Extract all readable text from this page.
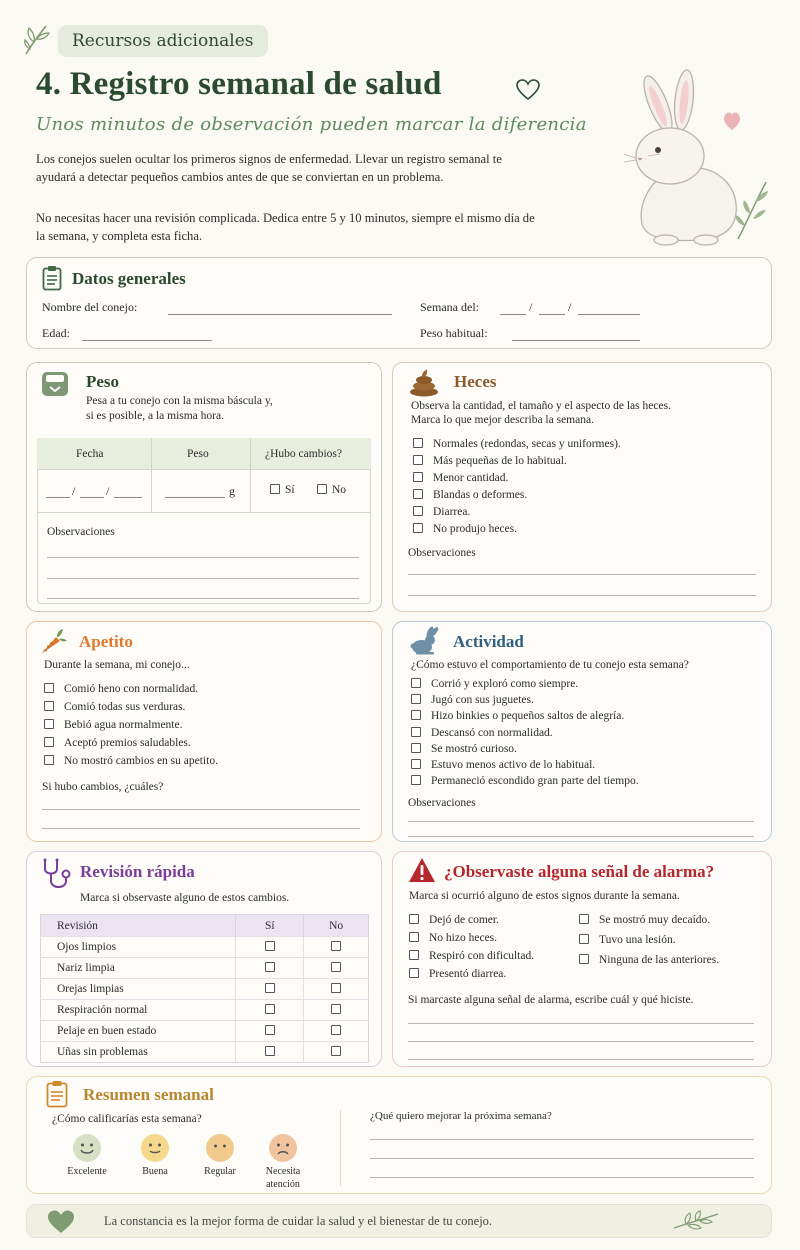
Recursos adicionales
4. Registro semanal de salud
Unos minutos de observación pueden marcar la diferencia
Los conejos suelen ocultar los primeros signos de enfermedad. Llevar un registro semanal te ayudará a detectar pequeños cambios antes de que se conviertan en un problema.
No necesitas hacer una revisión complicada. Dedica entre 5 y 10 minutos, siempre el mismo día de la semana, y completa esta ficha.
Datos generales
Nombre del conejo:	Semana del:	/	/
Edad:	Peso habitual:
Peso
Pesa a tu conejo con la misma báscula y,
si es posible, a la misma hora.
Fecha	Peso	¿Hubo cambios?
/	/	g	Sí	No
Observaciones
Heces
Observa la cantidad, el tamaño y el aspecto de las heces.
Marca lo que mejor describa la semana.
Normales (redondas, secas y uniformes).
Más pequeñas de lo habitual.
Menor cantidad.
Blandas o deformes.
Diarrea.
No produjo heces.
Observaciones
Apetito
Durante la semana, mi conejo...
Comió heno con normalidad.
Comió todas sus verduras.
Bebió agua normalmente.
Aceptó premios saludables.
No mostró cambios en su apetito.
Si hubo cambios, ¿cuáles?
Actividad
¿Cómo estuvo el comportamiento de tu conejo esta semana?
Corrió y exploró como siempre.
Jugó con sus juguetes.
Hizo binkies o pequeños saltos de alegría.
Descansó con normalidad.
Se mostró curioso.
Estuvo menos activo de lo habitual.
Permaneció escondido gran parte del tiempo.
Observaciones
Revisión rápida
Marca si observaste alguno de estos cambios.
Revisión	Sí	No
Ojos limpios		
Nariz limpia		
Orejas limpias		
Respiración normal		
Pelaje en buen estado		
Uñas sin problemas		
¿Observaste alguna señal de alarma?
Marca si ocurrió alguno de estos signos durante la semana.
Dejó de comer.
No hizo heces.
Respiró con dificultad.
Presentó diarrea.
Se mostró muy decaído.
Tuvo una lesión.
Ninguna de las anteriores.
Si marcaste alguna señal de alarma, escribe cuál y qué hiciste.
Resumen semanal
¿Cómo calificarías esta semana?
Excelente	Buena	Regular	Necesita
atención
¿Qué quiero mejorar la próxima semana?
La constancia es la mejor forma de cuidar la salud y el bienestar de tu conejo.
